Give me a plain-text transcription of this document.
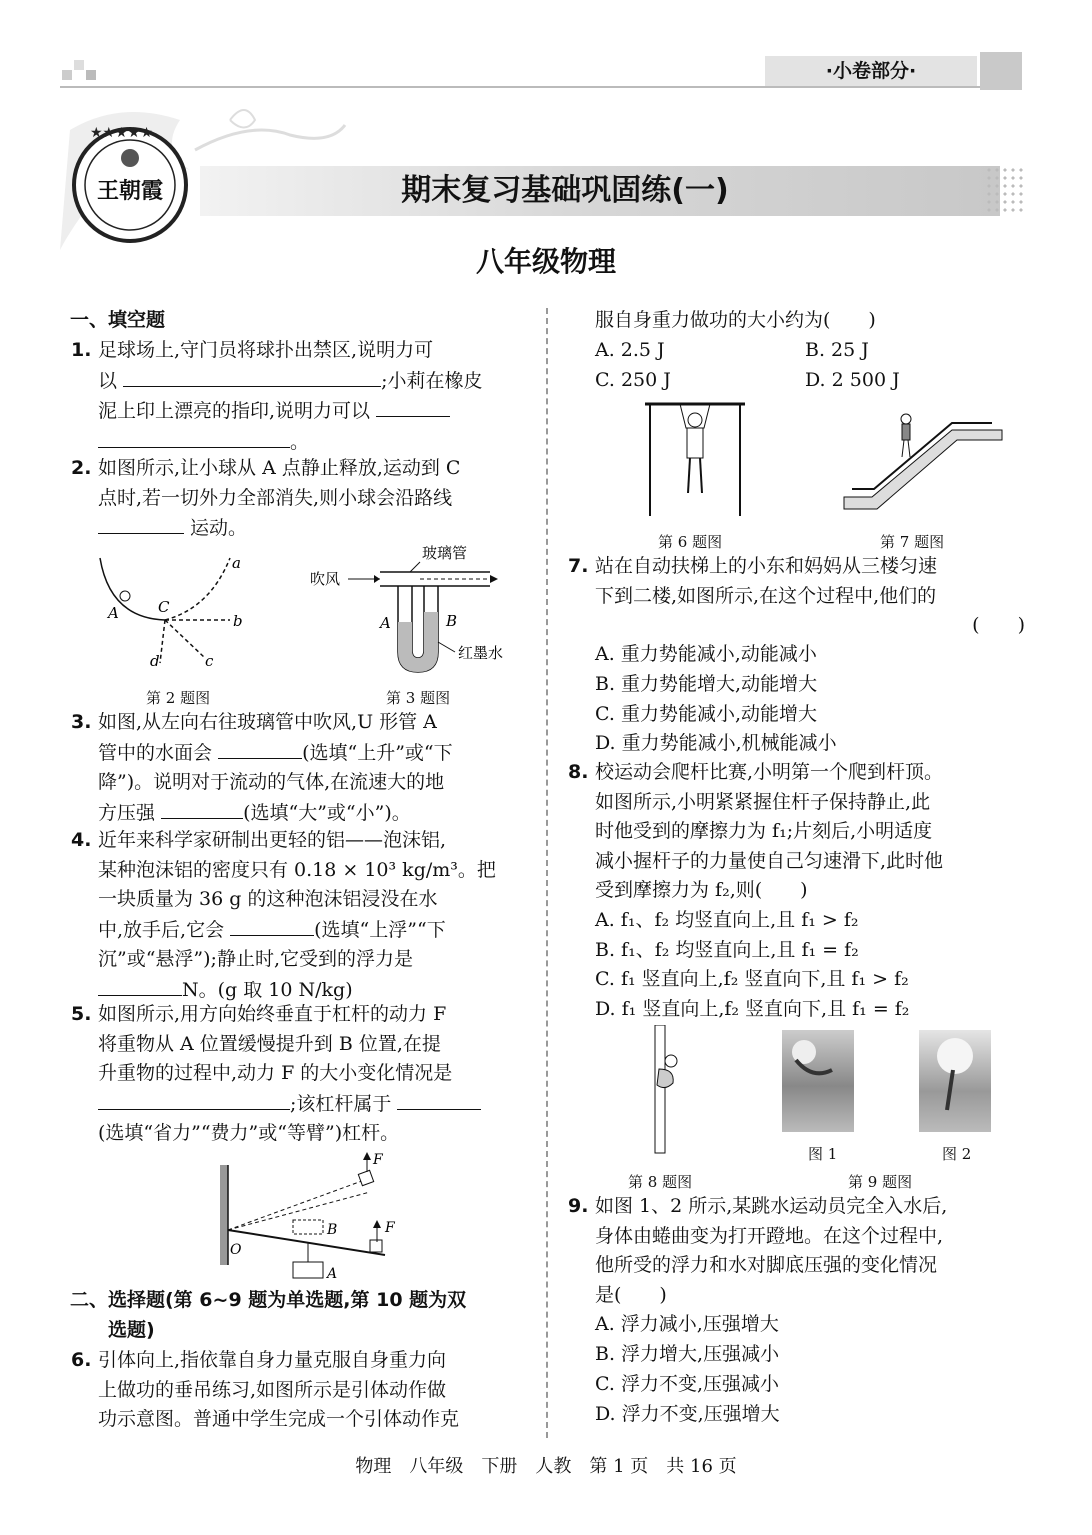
·小卷部分·
★★★★★
王朝霞	期末复习基础巩固练(一)
八年级物理
一、填空题
1. 足球场上,守门员将球扑出禁区,说明力可
以	;小莉在橡皮
泥上印上漂亮的指印,说明力可以
。
2. 如图所示,让小球从 A 点静止释放,运动到 C
点时,若一切外力全部消失,则小球会沿路线
运动。
A	C
a
b
c
d
第 2 题图
吹风
玻璃管
A	B
红墨水
第 3 题图
3. 如图,从左向右往玻璃管中吹风,U 形管 A
管中的水面会	(选填“上升”或“下
降”)。说明对于流动的气体,在流速大的地
方压强	(选填“大”或“小”)。
4. 近年来科学家研制出更轻的铝——泡沫铝,
某种泡沫铝的密度只有 0.18 × 10³ kg/m³。把
一块质量为 36 g 的这种泡沫铝浸没在水
中,放手后,它会	(选填“上浮”“下
沉”或“悬浮”);静止时,它受到的浮力是
N。(g 取 10 N/kg)
5. 如图所示,用方向始终垂直于杠杆的动力 F
将重物从 A 位置缓慢提升到 B 位置,在提
升重物的过程中,动力 F 的大小变化情况是
;该杠杆属于
(选填“省力”“费力”或“等臂”)杠杆。
F
F
B
A
O
二、选择题(第 6~9 题为单选题,第 10 题为双
选题)
6. 引体向上,指依靠自身力量克服自身重力向
上做功的垂吊练习,如图所示是引体动作做
功示意图。普通中学生完成一个引体动作克
服自身重力做功的大小约为(　　)
A. 2.5 J	B. 25 J
C. 250 J	D. 2 500 J
第 6 题图	第 7 题图
7. 站在自动扶梯上的小东和妈妈从三楼匀速
下到二楼,如图所示,在这个过程中,他们的
(　　)
A. 重力势能减小,动能减小
B. 重力势能增大,动能增大
C. 重力势能减小,动能增大
D. 重力势能减小,机械能减小
8. 校运动会爬杆比赛,小明第一个爬到杆顶。
如图所示,小明紧紧握住杆子保持静止,此
时他受到的摩擦力为 f₁;片刻后,小明适度
减小握杆子的力量使自己匀速滑下,此时他
受到摩擦力为 f₂,则(　　)
A. f₁、f₂ 均竖直向上,且 f₁ > f₂
B. f₁、f₂ 均竖直向上,且 f₁ = f₂
C. f₁ 竖直向上,f₂ 竖直向下,且 f₁ > f₂
D. f₁ 竖直向上,f₂ 竖直向下,且 f₁ = f₂
第 8 题图
图 1	图 2
第 9 题图
9. 如图 1、2 所示,某跳水运动员完全入水后,
身体由蜷曲变为打开蹬地。在这个过程中,
他所受的浮力和水对脚底压强的变化情况
是(　　)
A. 浮力减小,压强增大
B. 浮力增大,压强减小
C. 浮力不变,压强减小
D. 浮力不变,压强增大
物理　八年级　下册　人教　第 1 页　共 16 页
